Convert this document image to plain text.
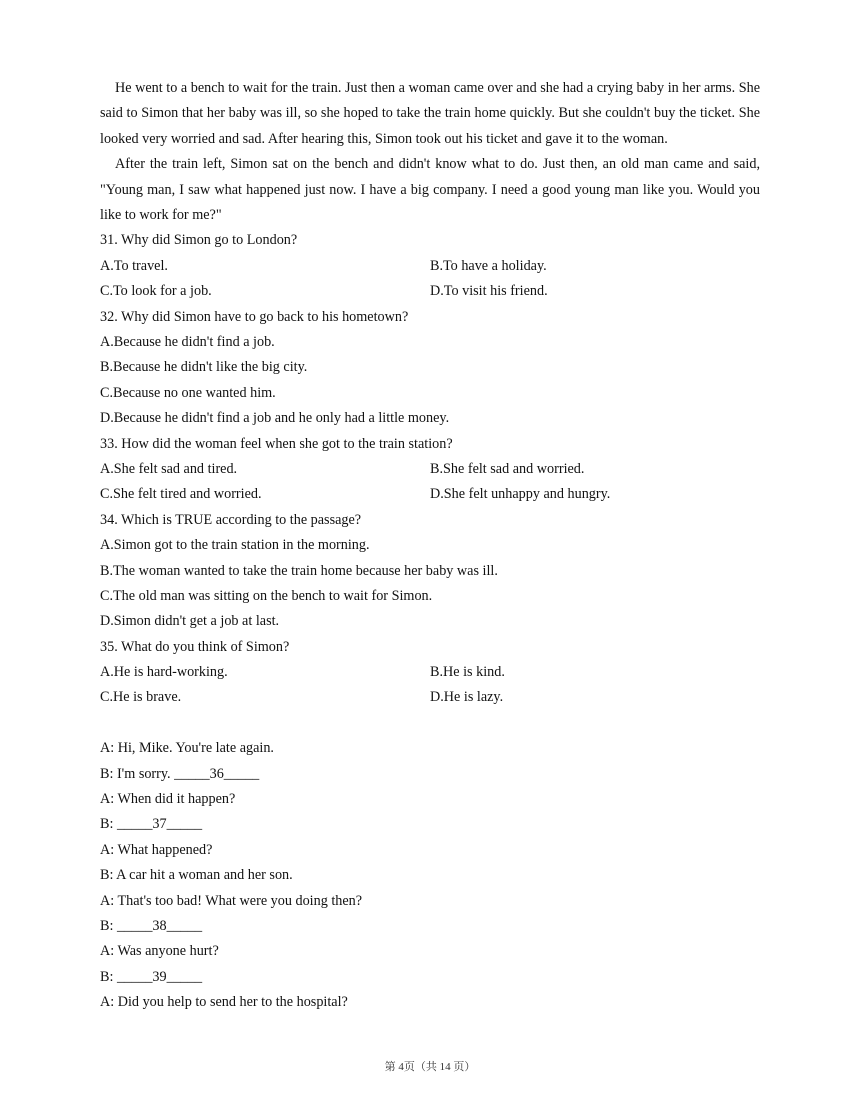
He went to a bench to wait for the train. Just then a woman came over and she had a crying baby in her arms. She said to Simon that her baby was ill, so she hoped to take the train home quickly. But she couldn't buy the ticket. She looked very worried and sad. After hearing this, Simon took out his ticket and gave it to the woman.

After the train left, Simon sat on the bench and didn't know what to do. Just then, an old man came and said, "Young man, I saw what happened just now. I have a big company. I need a good young man like you. Would you like to work for me?"

31. Why did Simon go to London?
A.To travel.	B.To have a holiday.
C.To look for a job.	D.To visit his friend.
32. Why did Simon have to go back to his hometown?
A.Because he didn't find a job.
B.Because he didn't like the big city.
C.Because no one wanted him.
D.Because he didn't find a job and he only had a little money.
33. How did the woman feel when she got to the train station?
A.She felt sad and tired.	B.She felt sad and worried.
C.She felt tired and worried.	D.She felt unhappy and hungry.
34. Which is TRUE according to the passage?
A.Simon got to the train station in the morning.
B.The woman wanted to take the train home because her baby was ill.
C.The old man was sitting on the bench to wait for Simon.
D.Simon didn't get a job at last.
35. What do you think of Simon?
A.He is hard-working.	B.He is kind.
C.He is brave.	D.He is lazy.
A: Hi, Mike. You're late again.
B: I'm sorry. _____36_____
A: When did it happen?
B: _____37_____
A: What happened?
B: A car hit a woman and her son.
A: That's too bad! What were you doing then?
B: _____38_____
A: Was anyone hurt?
B: _____39_____
A: Did you help to send her to the hospital?
第 4页（共 14 页）
